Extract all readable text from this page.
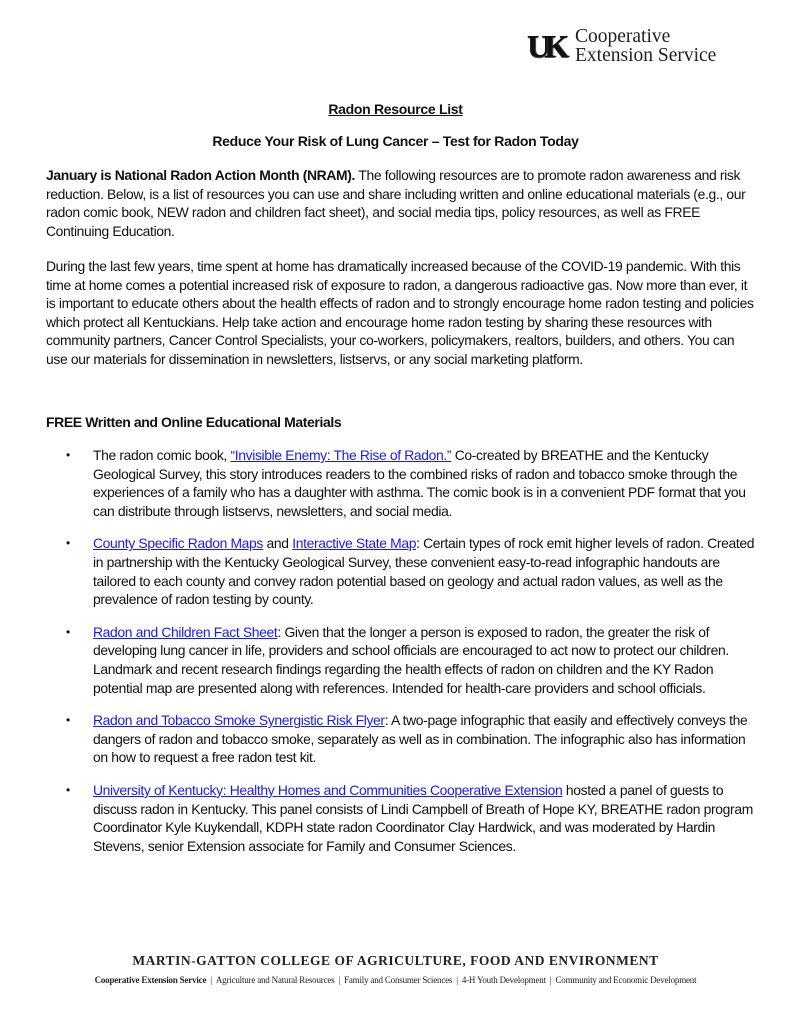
UK Cooperative
Extension Service
Radon Resource List
Reduce Your Risk of Lung Cancer – Test for Radon Today
January is National Radon Action Month (NRAM). The following resources are to promote radon awareness and risk reduction. Below, is a list of resources you can use and share including written and online educational materials (e.g., our radon comic book, NEW radon and children fact sheet), and social media tips, policy resources, as well as FREE Continuing Education.
During the last few years, time spent at home has dramatically increased because of the COVID-19 pandemic. With this time at home comes a potential increased risk of exposure to radon, a dangerous radioactive gas. Now more than ever, it is important to educate others about the health effects of radon and to strongly encourage home radon testing and policies which protect all Kentuckians. Help take action and encourage home radon testing by sharing these resources with community partners, Cancer Control Specialists, your co-workers, policymakers, realtors, builders, and others. You can use our materials for dissemination in newsletters, listservs, or any social marketing platform.
FREE Written and Online Educational Materials
• The radon comic book, “Invisible Enemy: The Rise of Radon.” Co-created by BREATHE and the Kentucky Geological Survey, this story introduces readers to the combined risks of radon and tobacco smoke through the experiences of a family who has a daughter with asthma. The comic book is in a convenient PDF format that you can distribute through listservs, newsletters, and social media.
• County Specific Radon Maps and Interactive State Map: Certain types of rock emit higher levels of radon. Created in partnership with the Kentucky Geological Survey, these convenient easy-to-read infographic handouts are tailored to each county and convey radon potential based on geology and actual radon values, as well as the prevalence of radon testing by county.
• Radon and Children Fact Sheet: Given that the longer a person is exposed to radon, the greater the risk of developing lung cancer in life, providers and school officials are encouraged to act now to protect our children. Landmark and recent research findings regarding the health effects of radon on children and the KY Radon potential map are presented along with references. Intended for health-care providers and school officials.
• Radon and Tobacco Smoke Synergistic Risk Flyer: A two-page infographic that easily and effectively conveys the dangers of radon and tobacco smoke, separately as well as in combination. The infographic also has information on how to request a free radon test kit.
• University of Kentucky: Healthy Homes and Communities Cooperative Extension hosted a panel of guests to discuss radon in Kentucky. This panel consists of Lindi Campbell of Breath of Hope KY, BREATHE radon program Coordinator Kyle Kuykendall, KDPH state radon Coordinator Clay Hardwick, and was moderated by Hardin Stevens, senior Extension associate for Family and Consumer Sciences.
MARTIN-GATTON COLLEGE OF AGRICULTURE, FOOD AND ENVIRONMENT
Cooperative Extension Service | Agriculture and Natural Resources | Family and Consumer Sciences | 4-H Youth Development | Community and Economic Development
